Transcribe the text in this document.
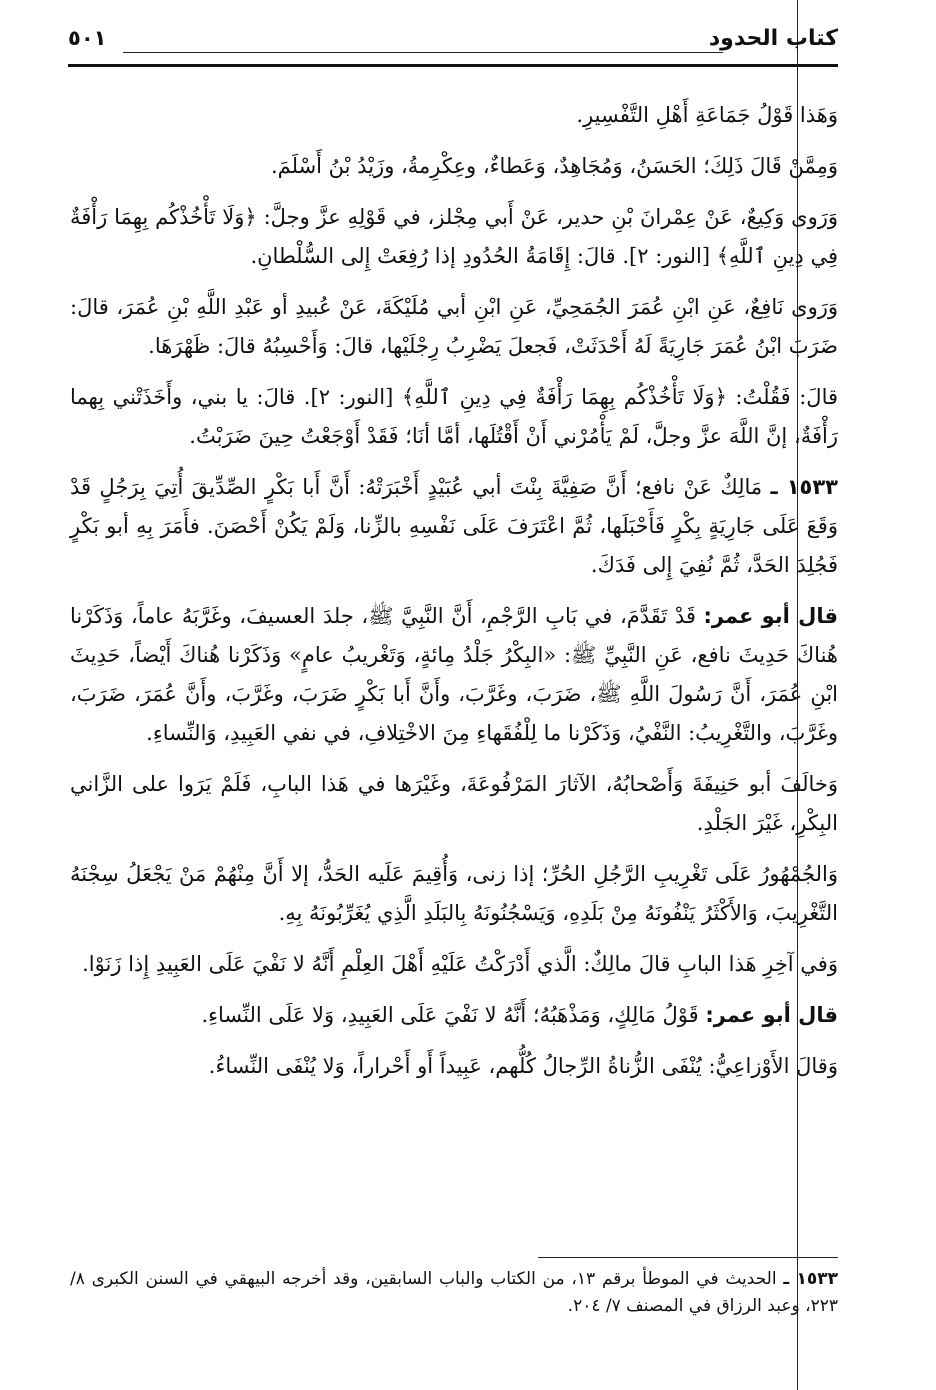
كتاب الحدود
٥٠١

وَهَذا قَوْلُ جَمَاعَةِ أَهْلِ التَّفْسِيرِ.

وَمِمَّنْ قَالَ ذَلِكَ؛ الحَسَنُ، وَمُجَاهِدٌ، وَعَطاءٌ، وعِكْرِمةُ، وزَيْدُ بْنُ أَسْلَمَ.

وَرَوى وَكِيعٌ، عَنْ عِمْرانَ بْنِ حدير، عَنْ أَبي مِجْلز، في قَوْلِهِ عزَّ وجلَّ: ﴿وَلَا تَأْخُذْكُم بِهِمَا رَأْفَةٌ فِي دِينِ ٱللَّهِ﴾ [النور: ٢]. قالَ: إِقَامَةُ الحُدُودِ إذا رُفِعَتْ إِلى السُّلْطانِ.

وَرَوى نَافِعٌ، عَنِ ابْنِ عُمَرَ الجُمَحِيِّ، عَنِ ابْنِ أبي مُلَيْكَةَ، عَنْ عُبيدِ أو عَبْدِ اللَّهِ بْنِ عُمَرَ، قالَ: ضَرَبَ ابْنُ عُمَرَ جَارِيَةً لَهُ أَحْدَثَتْ، فَجعلَ يَضْرِبُ رِجْلَيْها، قالَ: وَأَحْسِبُهُ قالَ: ظَهْرَهَا.

قالَ: فَقُلْتُ: ﴿وَلَا تَأْخُذْكُم بِهِمَا رَأْفَةٌ فِي دِينِ ٱللَّهِ﴾ [النور: ٢]. قالَ: يا بني، وأَخَذَتْني بِهما رَأْفَةٌ، إنَّ اللَّهَ عزَّ وجلَّ، لَمْ يَأْمُرْني أَنْ أَقْتُلَها، أمَّا أنَا؛ فَقَدْ أَوْجَعْتُ حِينَ ضَرَبْتُ.

١٥٣٣ ـ مَالِكٌ عَنْ نافع؛ أَنَّ صَفِيَّةَ بِنْتَ أبي عُبَيْدٍ أَخْبَرَتْهُ: أَنَّ أَبا بَكْرٍ الصِّدِّيقَ أُتِيَ بِرَجُلٍ قَدْ وَقَعَ عَلَى جَارِيَةٍ بِكْرٍ فَأَحْبَلَها، ثُمَّ اعْتَرَفَ عَلَى نَفْسِهِ بالزِّنا، وَلَمْ يَكُنْ أَحْصَنَ. فأَمَرَ بِهِ أبو بَكْرٍ فَجُلِدَ الحَدَّ، ثُمَّ نُفِيَ إِلى فَدَكَ.

قال أبو عمر: قَدْ تَقَدَّمَ، في بَابِ الرَّجْمِ، أَنَّ النَّبِيَّ ﷺ، جلدَ العسيفَ، وغَرَّبَهُ عاماً، وَذَكَرْنا هُناكَ حَدِيثَ نافع، عَنِ النَّبِيِّ ﷺ: «البِكْرُ جَلْدُ مِائةٍ، وَتَغْريبُ عامٍ» وَذَكَرْنا هُناكَ أَيْضاً، حَدِيثَ ابْنِ عُمَرَ، أَنَّ رَسُولَ اللَّهِ ﷺ، ضَرَبَ، وغَرَّبَ، وأَنَّ أَبا بَكْرٍ ضَرَبَ، وغَرَّبَ، وأَنَّ عُمَرَ، ضَرَبَ، وغَرَّبَ، والتَّغْرِيبُ: النَّفْيُ، وَذَكَرْنا ما لِلْفُقَهاءِ مِنَ الاخْتِلافِ، في نفي العَبِيدِ، وَالنِّساءِ.

وَخالَفَ أبو حَنِيفَةَ وَأَصْحابُهُ، الآثارَ المَرْفُوعَةَ، وغَيْرَها في هَذا البابِ، فَلَمْ يَرَوا على الزَّاني البِكْرِ، غَيْرَ الجَلْدِ.

وَالجُمْهُورُ عَلَى تَغْرِيبِ الرَّجُلِ الحُرِّ؛ إذا زنى، وَأُقِيمَ عَلَيه الحَدُّ، إلا أَنَّ مِنْهُمْ مَنْ يَجْعَلُ سِجْنَهُ التَّغْرِيبَ، وَالأَكْثَرُ يَنْفُونَهُ مِنْ بَلَدِهِ، وَيَسْجُنُونَهُ بِالبَلَدِ الَّذِي يُغَرِّبُونَهُ بِهِ.

وَفي آخِرِ هَذا البابِ قالَ مالِكٌ: الَّذي أَدْرَكْتُ عَلَيْهِ أَهْلَ العِلْمِ أَنَّهُ لا نَفْيَ عَلَى العَبِيدِ إِذا زَنَوْا.

قال أبو عمر: قَوْلُ مَالِكٍ، وَمَذْهَبُهُ؛ أَنَّهُ لا نَفْيَ عَلَى العَبِيدِ، وَلا عَلَى النِّساءِ.

وَقالَ الأَوْزاعِيُّ: يُنْفَى الزُّناةُ الرِّجالُ كُلُّهم، عَبِيداً أَو أَحْراراً، وَلا يُنْفَى النِّساءُ.

١٥٣٣ ـ الحديث في الموطأ برقم ١٣، من الكتاب والباب السابقين، وقد أخرجه البيهقي في السنن الكبرى ٨/ ٢٢٣، وعبد الرزاق في المصنف ٧/ ٢٠٤.
